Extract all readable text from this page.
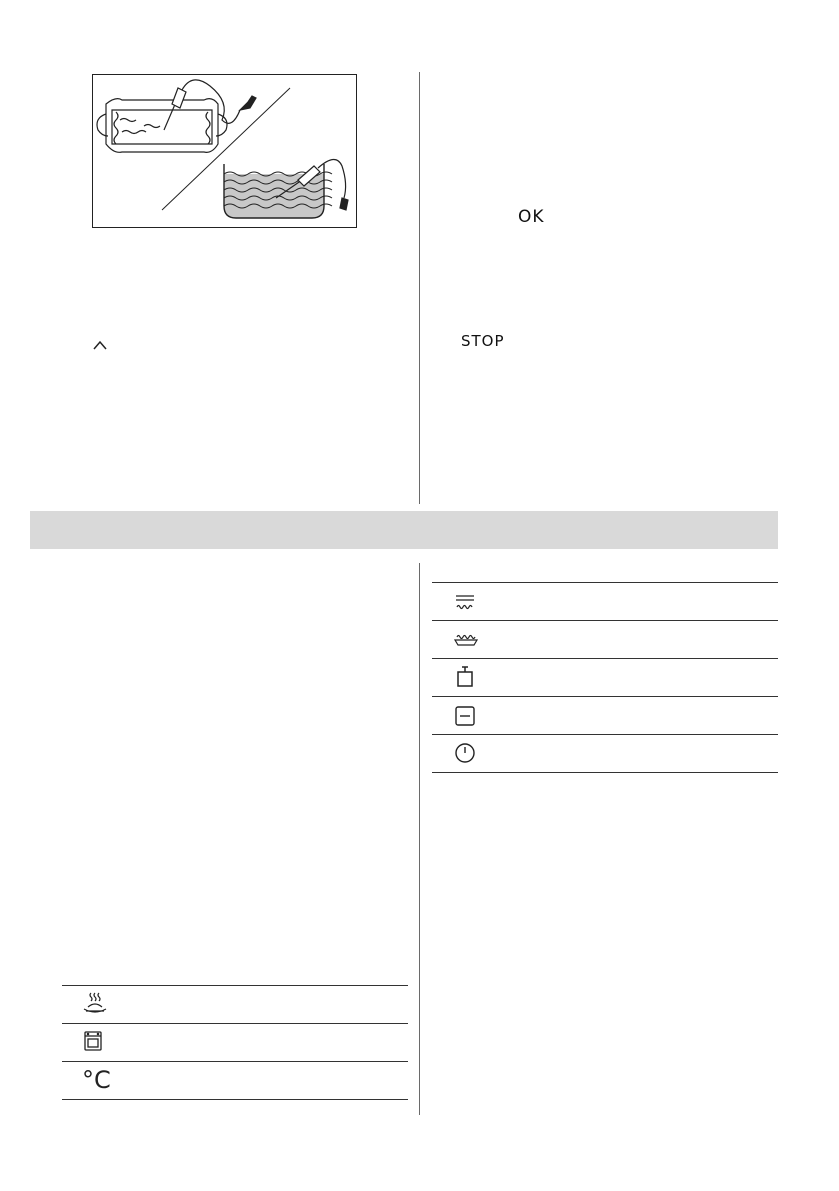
OK
STOP
°C
